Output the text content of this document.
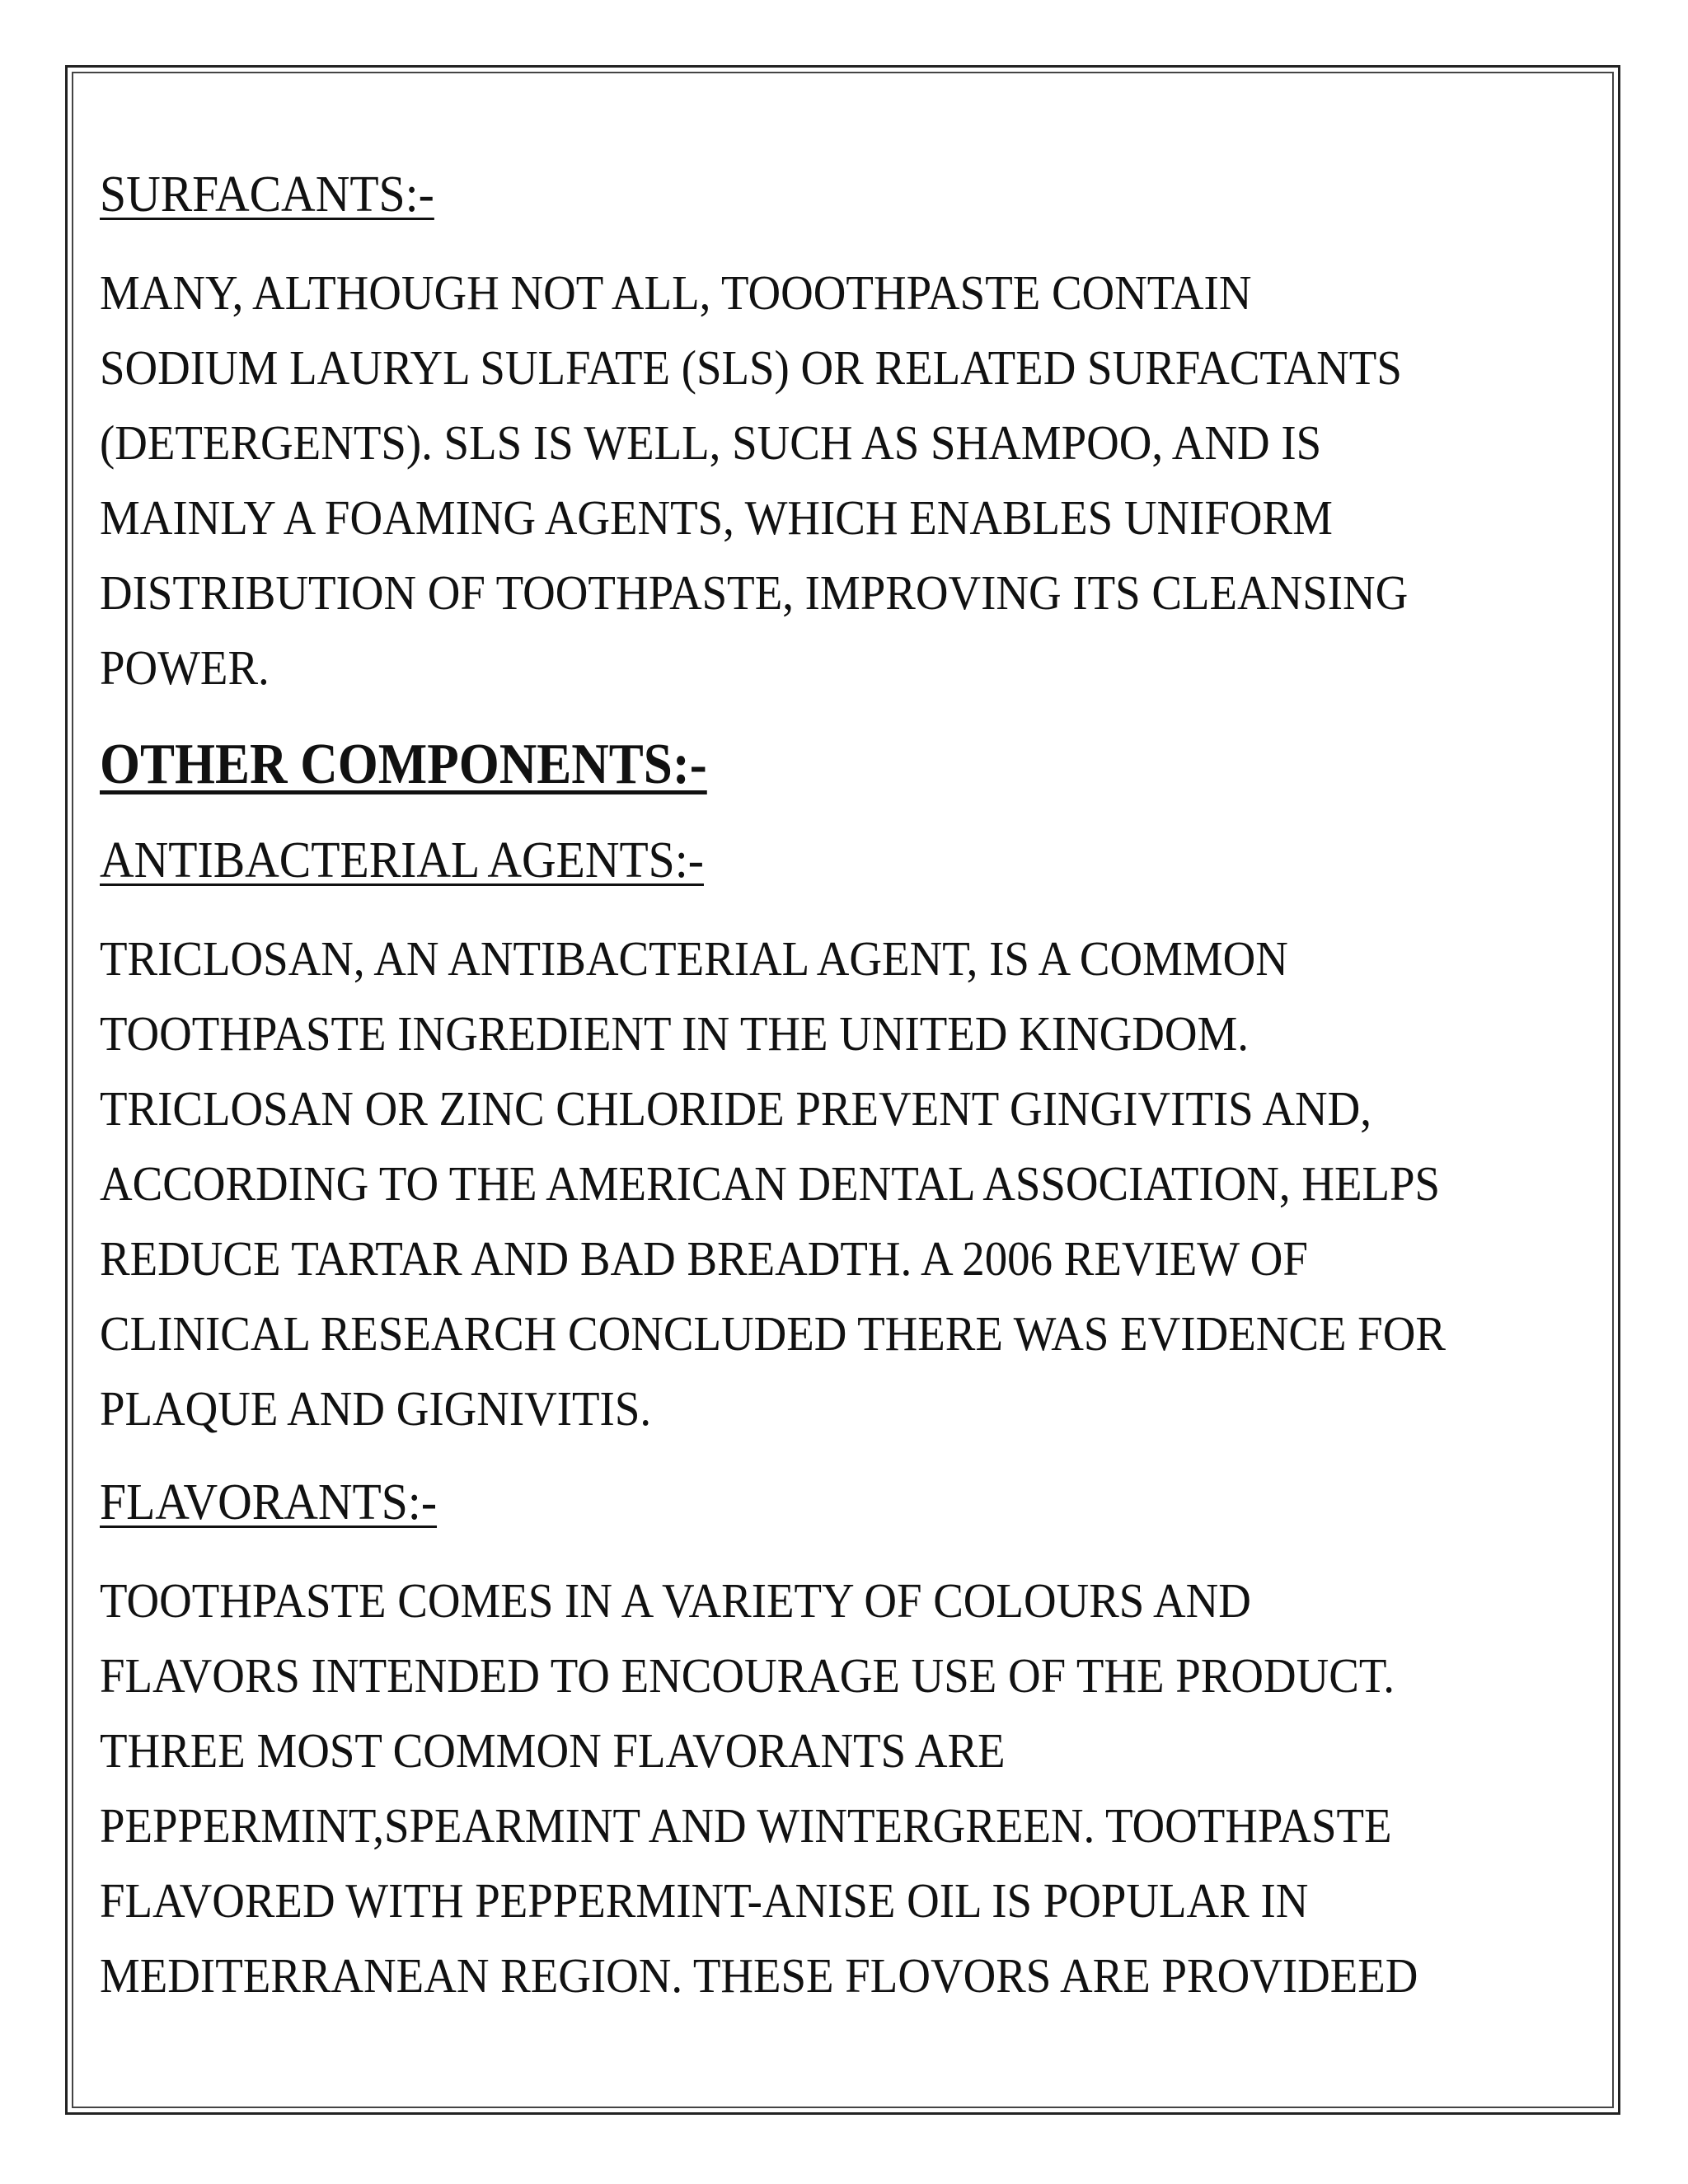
SURFACANTS:-

MANY, ALTHOUGH NOT ALL, TOOOTHPASTE CONTAIN
SODIUM LAURYL SULFATE (SLS) OR RELATED SURFACTANTS
(DETERGENTS). SLS IS WELL, SUCH AS SHAMPOO, AND IS
MAINLY A FOAMING AGENTS, WHICH ENABLES UNIFORM
DISTRIBUTION OF TOOTHPASTE, IMPROVING ITS CLEANSING
POWER.

OTHER COMPONENTS:-
ANTIBACTERIAL AGENTS:-

TRICLOSAN, AN ANTIBACTERIAL AGENT, IS A COMMON
TOOTHPASTE INGREDIENT IN THE UNITED KINGDOM.
TRICLOSAN OR ZINC CHLORIDE PREVENT GINGIVITIS AND,
ACCORDING TO THE AMERICAN DENTAL ASSOCIATION, HELPS
REDUCE TARTAR AND BAD BREADTH. A 2006 REVIEW OF
CLINICAL RESEARCH CONCLUDED THERE WAS EVIDENCE FOR
PLAQUE AND GIGNIVITIS.

FLAVORANTS:-

TOOTHPASTE COMES IN A VARIETY OF COLOURS AND
FLAVORS INTENDED TO ENCOURAGE USE OF THE PRODUCT.
THREE MOST COMMON FLAVORANTS ARE
PEPPERMINT,SPEARMINT AND WINTERGREEN. TOOTHPASTE
FLAVORED WITH PEPPERMINT-ANISE OIL IS POPULAR IN
MEDITERRANEAN REGION. THESE FLOVORS ARE PROVIDEED
